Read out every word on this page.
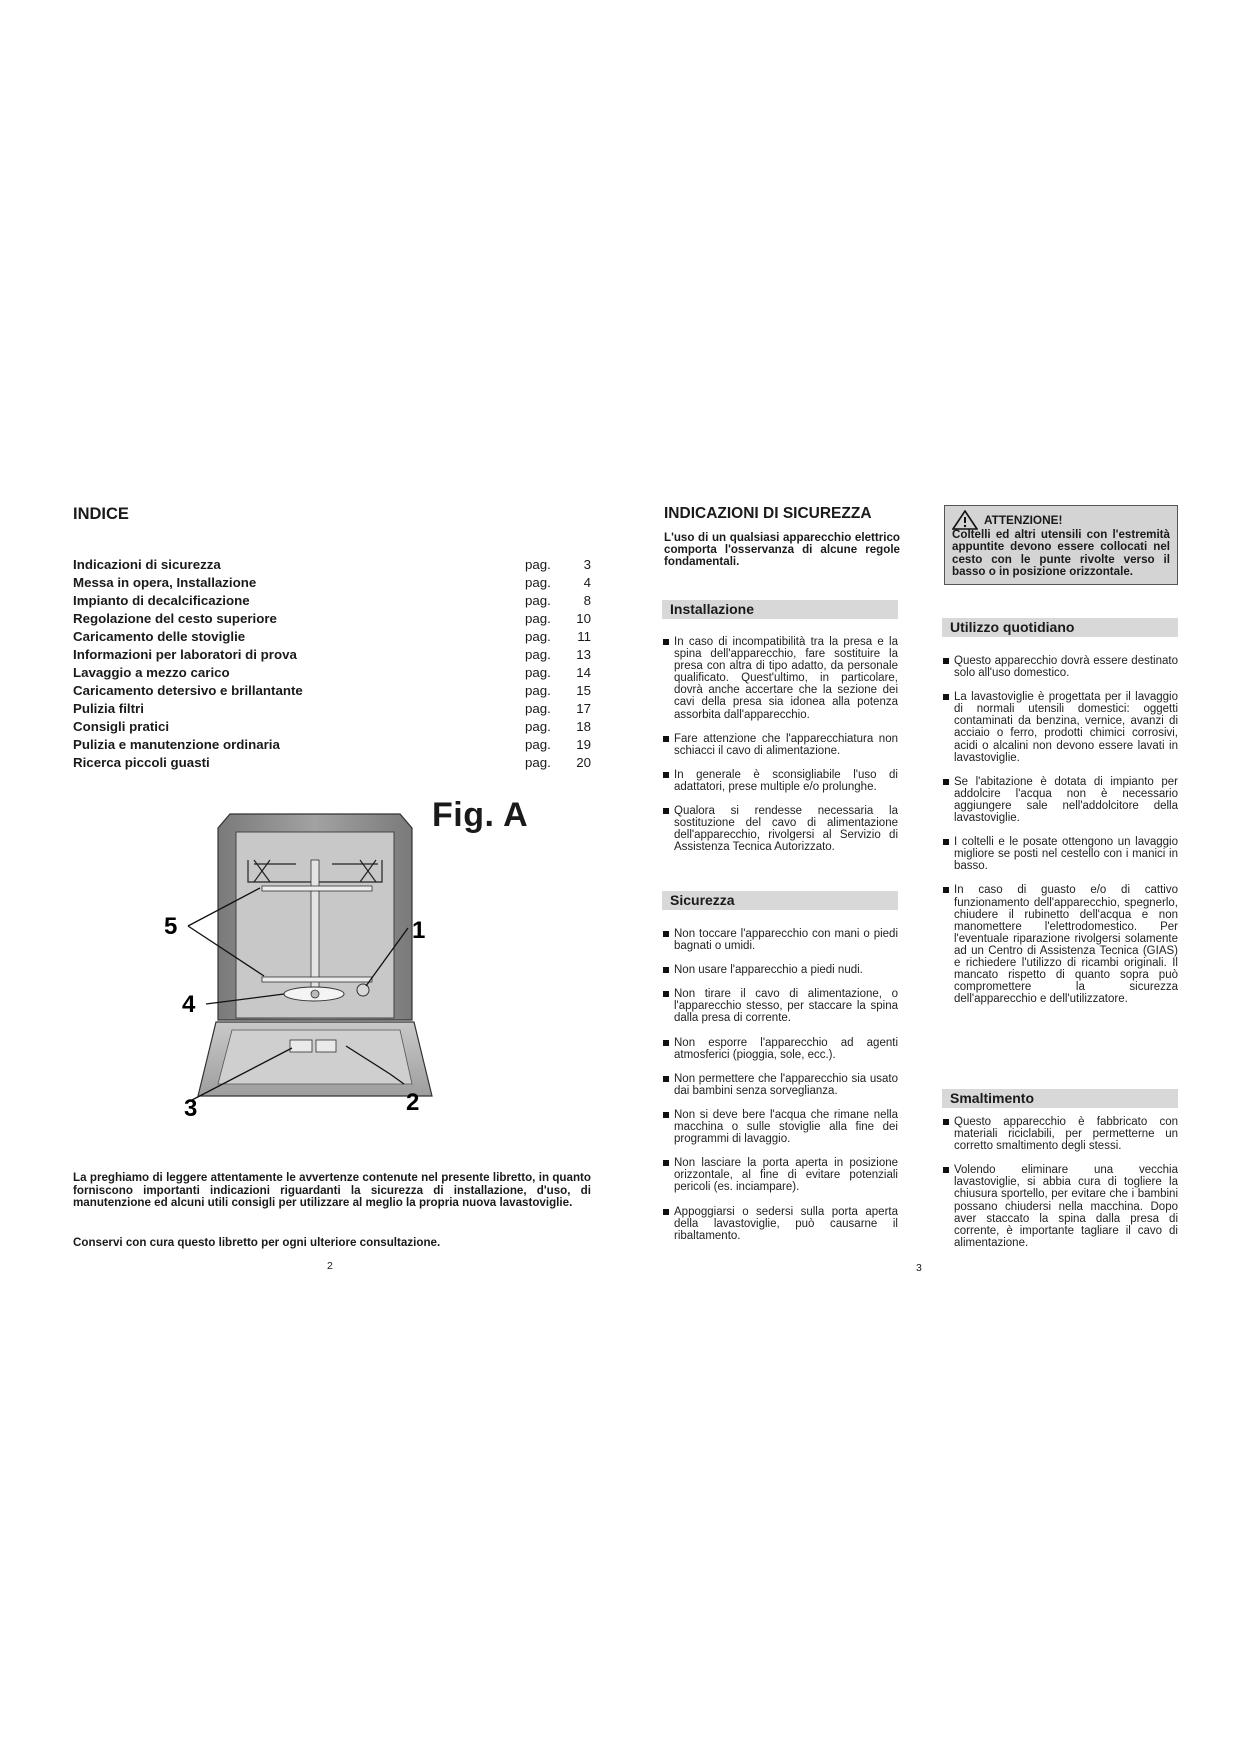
INDICE
Indicazioni di sicurezza	pag.	3
Messa in opera, Installazione	pag.	4
Impianto di decalcificazione	pag.	8
Regolazione del cesto superiore	pag.	10
Caricamento delle stoviglie	pag.	11
Informazioni per laboratori di prova	pag.	13
Lavaggio a mezzo carico	pag.	14
Caricamento detersivo e brillantante	pag.	15
Pulizia filtri	pag.	17
Consigli pratici	pag.	18
Pulizia e manutenzione ordinaria	pag.	19
Ricerca piccoli guasti	pag.	20
Fig. A
5	1
4
2
3

La preghiamo di leggere attentamente le avvertenze contenute nel presente libretto, in quanto forniscono importanti indicazioni riguardanti la sicurezza di installazione, d'uso, di manutenzione ed alcuni utili consigli per utilizzare al meglio la propria nuova lavastoviglie.

Conservi con cura questo libretto per ogni ulteriore consultazione.

2
INDICAZIONI DI SICUREZZA

L'uso di un qualsiasi apparecchio elettrico comporta l'osservanza di alcune regole fondamentali.

ATTENZIONE!
Coltelli ed altri utensili con l'estremità appuntite devono essere collocati nel cesto con le punte rivolte verso il basso o in posizione orizzontale.
Installazione
In caso di incompatibilità tra la presa e la spina dell'apparecchio, fare sostituire la presa con altra di tipo adatto, da personale qualificato. Quest'ultimo, in particolare, dovrà anche accertare che la sezione dei cavi della presa sia idonea alla potenza assorbita dall'apparecchio.
Fare attenzione che l'apparecchiatura non schiacci il cavo di alimentazione.
In generale è sconsigliabile l'uso di adattatori, prese multiple e/o prolunghe.
Qualora si rendesse necessaria la sostituzione del cavo di alimentazione dell'apparecchio, rivolgersi al Servizio di Assistenza Tecnica Autorizzato.
Sicurezza
Non toccare l'apparecchio con mani o piedi bagnati o umidi.
Non usare l'apparecchio a piedi nudi.
Non tirare il cavo di alimentazione, o l'apparecchio stesso, per staccare la spina dalla presa di corrente.
Non esporre l'apparecchio ad agenti atmosferici (pioggia, sole, ecc.).
Non permettere che l'apparecchio sia usato dai bambini senza sorveglianza.
Non si deve bere l'acqua che rimane nella macchina o sulle stoviglie alla fine dei programmi di lavaggio.
Non lasciare la porta aperta in posizione orizzontale, al fine di evitare potenziali pericoli (es. inciampare).
Appoggiarsi o sedersi sulla porta aperta della lavastoviglie, può causarne il ribaltamento.
Utilizzo quotidiano
Questo apparecchio dovrà essere destinato solo all'uso domestico.
La lavastoviglie è progettata per il lavaggio di normali utensili domestici: oggetti contaminati da benzina, vernice, avanzi di acciaio o ferro, prodotti chimici corrosivi, acidi o alcalini non devono essere lavati in lavastoviglie.
Se l'abitazione è dotata di impianto per addolcire l'acqua non è necessario aggiungere sale nell'addolcitore della lavastoviglie.
I coltelli e le posate ottengono un lavaggio migliore se posti nel cestello con i manici in basso.
In caso di guasto e/o di cattivo funzionamento dell'apparecchio, spegnerlo, chiudere il rubinetto dell'acqua e non manomettere l'elettrodomestico. Per l'eventuale riparazione rivolgersi solamente ad un Centro di Assistenza Tecnica (GIAS) e richiedere l'utilizzo di ricambi originali. Il mancato rispetto di quanto sopra può compromettere la sicurezza dell'apparecchio e dell'utilizzatore.
Smaltimento
Questo apparecchio è fabbricato con materiali riciclabili, per permetterne un corretto smaltimento degli stessi.
Volendo eliminare una vecchia lavastoviglie, si abbia cura di togliere la chiusura sportello, per evitare che i bambini possano chiudersi nella macchina. Dopo aver staccato la spina dalla presa di corrente, è importante tagliare il cavo di alimentazione.
3
